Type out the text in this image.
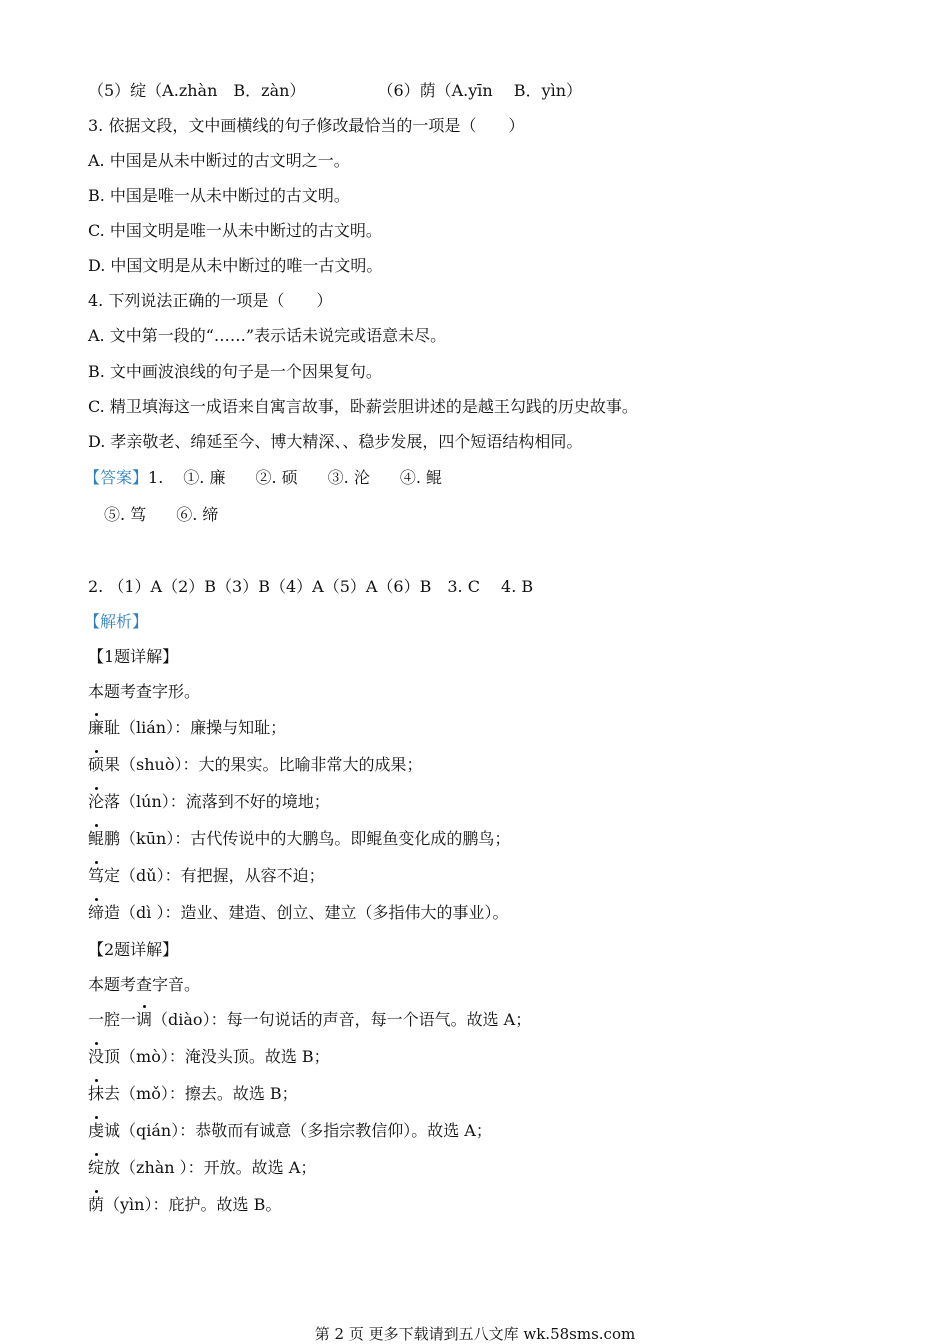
（5）绽（A.zhàn　B．zàn）	（6）荫（A.yīn　 B．yìn）
3. 依据文段，文中画横线的句子修改最恰当的一项是（　　）
A. 中国是从未中断过的古文明之一。
B. 中国是唯一从未中断过的古文明。
C. 中国文明是唯一从未中断过的古文明。
D. 中国文明是从未中断过的唯一古文明。
4. 下列说法正确的一项是（　　）
A. 文中第一段的“……”表示话未说完或语意未尽。
B. 文中画波浪线的句子是一个因果复句。
C. 精卫填海这一成语来自寓言故事，卧薪尝胆讲述的是越王勾践的历史故事。
D. 孝亲敬老、绵延至今、博大精深、、稳步发展，四个短语结构相同。
【答案】1. ①. 廉 ②. 硕 ③. 沦 ④. 鲲
⑤. 笃 ⑥. 缔
2. （1）A（2）B（3）B（4）A（5）A（6）B　3. C　 4. B
【解析】
【1题详解】
本题考查字形。
廉耻（lián）：廉操与知耻；
硕果（shuò）：大的果实。比喻非常大的成果；
沦落（lún）：流落到不好的境地；
鲲鹏（kūn）：古代传说中的大鹏鸟。即鲲鱼变化成的鹏鸟；
笃定（dǔ）：有把握，从容不迫；
缔造（dì ）：造业、建造、创立、建立（多指伟大的事业）。
【2题详解】
本题考查字音。
一腔一调（diào）：每一句说话的声音，每一个语气。故选 A；
没顶（mò）：淹没头顶。故选 B；
抹去（mǒ）：擦去。故选 B；
虔诚（qián）：恭敬而有诚意（多指宗教信仰）。故选 A；
绽放（zhàn ）：开放。故选 A；
荫（yìn）：庇护。故选 B。
第 2 页 更多下载请到五八文库 wk.58sms.com
